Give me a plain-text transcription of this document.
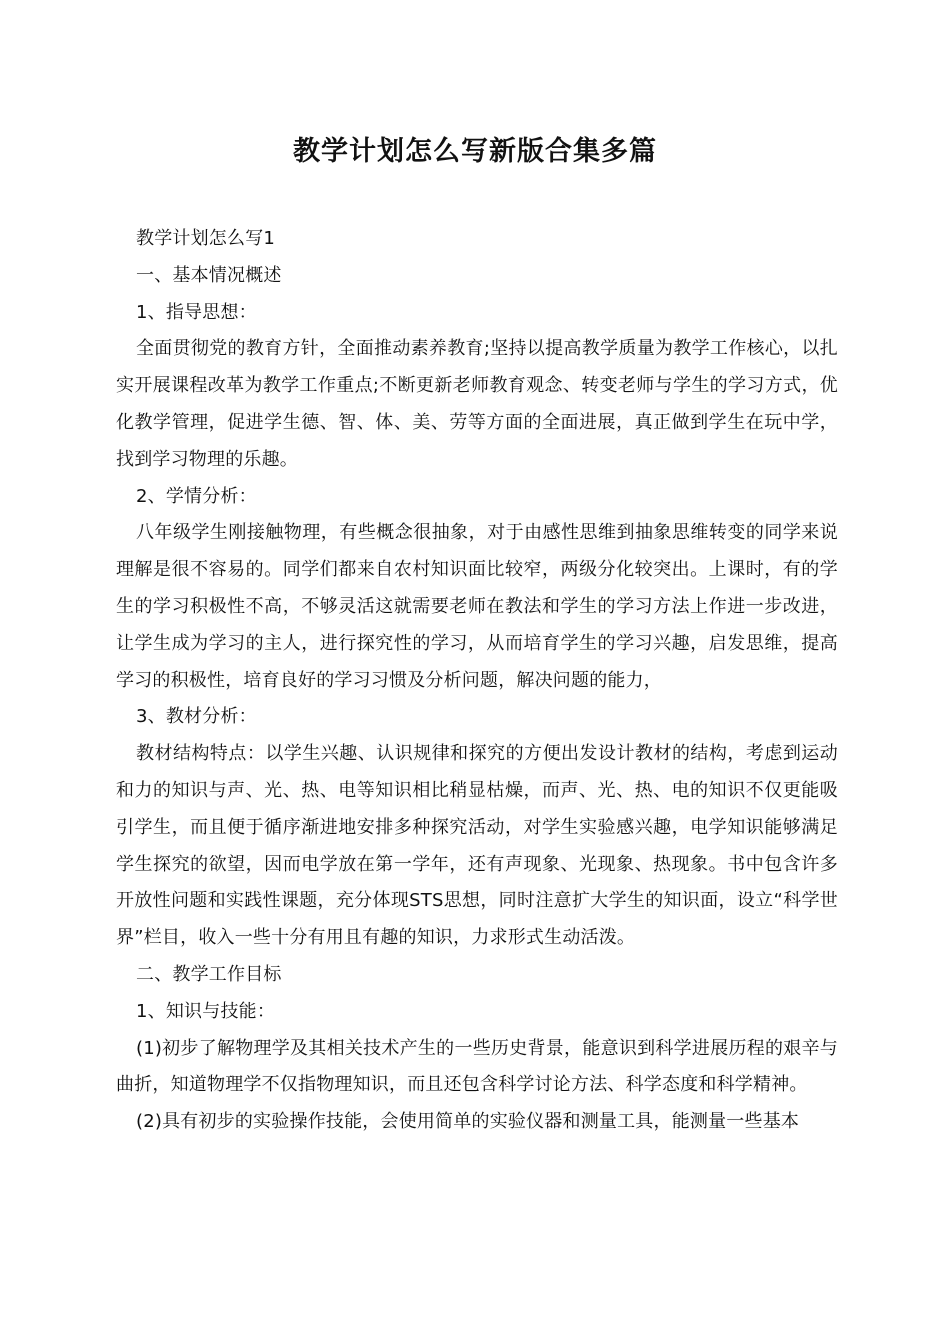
教学计划怎么写新版合集多篇

教学计划怎么写1

一、基本情况概述

1、指导思想：

全面贯彻党的教育方针，全面推动素养教育;坚持以提高教学质量为教学工作核心，以扎实开展课程改革为教学工作重点;不断更新老师教育观念、转变老师与学生的学习方式，优化教学管理，促进学生德、智、体、美、劳等方面的全面进展，真正做到学生在玩中学，找到学习物理的乐趣。

2、学情分析：

八年级学生刚接触物理，有些概念很抽象，对于由感性思维到抽象思维转变的同学来说理解是很不容易的。同学们都来自农村知识面比较窄，两级分化较突出。上课时，有的学生的学习积极性不高，不够灵活这就需要老师在教法和学生的学习方法上作进一步改进，让学生成为学习的主人，进行探究性的学习，从而培育学生的学习兴趣，启发思维，提高学习的积极性，培育良好的学习习惯及分析问题，解决问题的能力，

3、教材分析：

教材结构特点：以学生兴趣、认识规律和探究的方便出发设计教材的结构，考虑到运动和力的知识与声、光、热、电等知识相比稍显枯燥，而声、光、热、电的知识不仅更能吸引学生，而且便于循序渐进地安排多种探究活动，对学生实验感兴趣，电学知识能够满足学生探究的欲望，因而电学放在第一学年，还有声现象、光现象、热现象。书中包含许多开放性问题和实践性课题，充分体现STS思想，同时注意扩大学生的知识面，设立“科学世界”栏目，收入一些十分有用且有趣的知识，力求形式生动活泼。

二、教学工作目标

1、知识与技能：

(1)初步了解物理学及其相关技术产生的一些历史背景，能意识到科学进展历程的艰辛与曲折，知道物理学不仅指物理知识，而且还包含科学讨论方法、科学态度和科学精神。

(2)具有初步的实验操作技能，会使用简单的实验仪器和测量工具，能测量一些基本
